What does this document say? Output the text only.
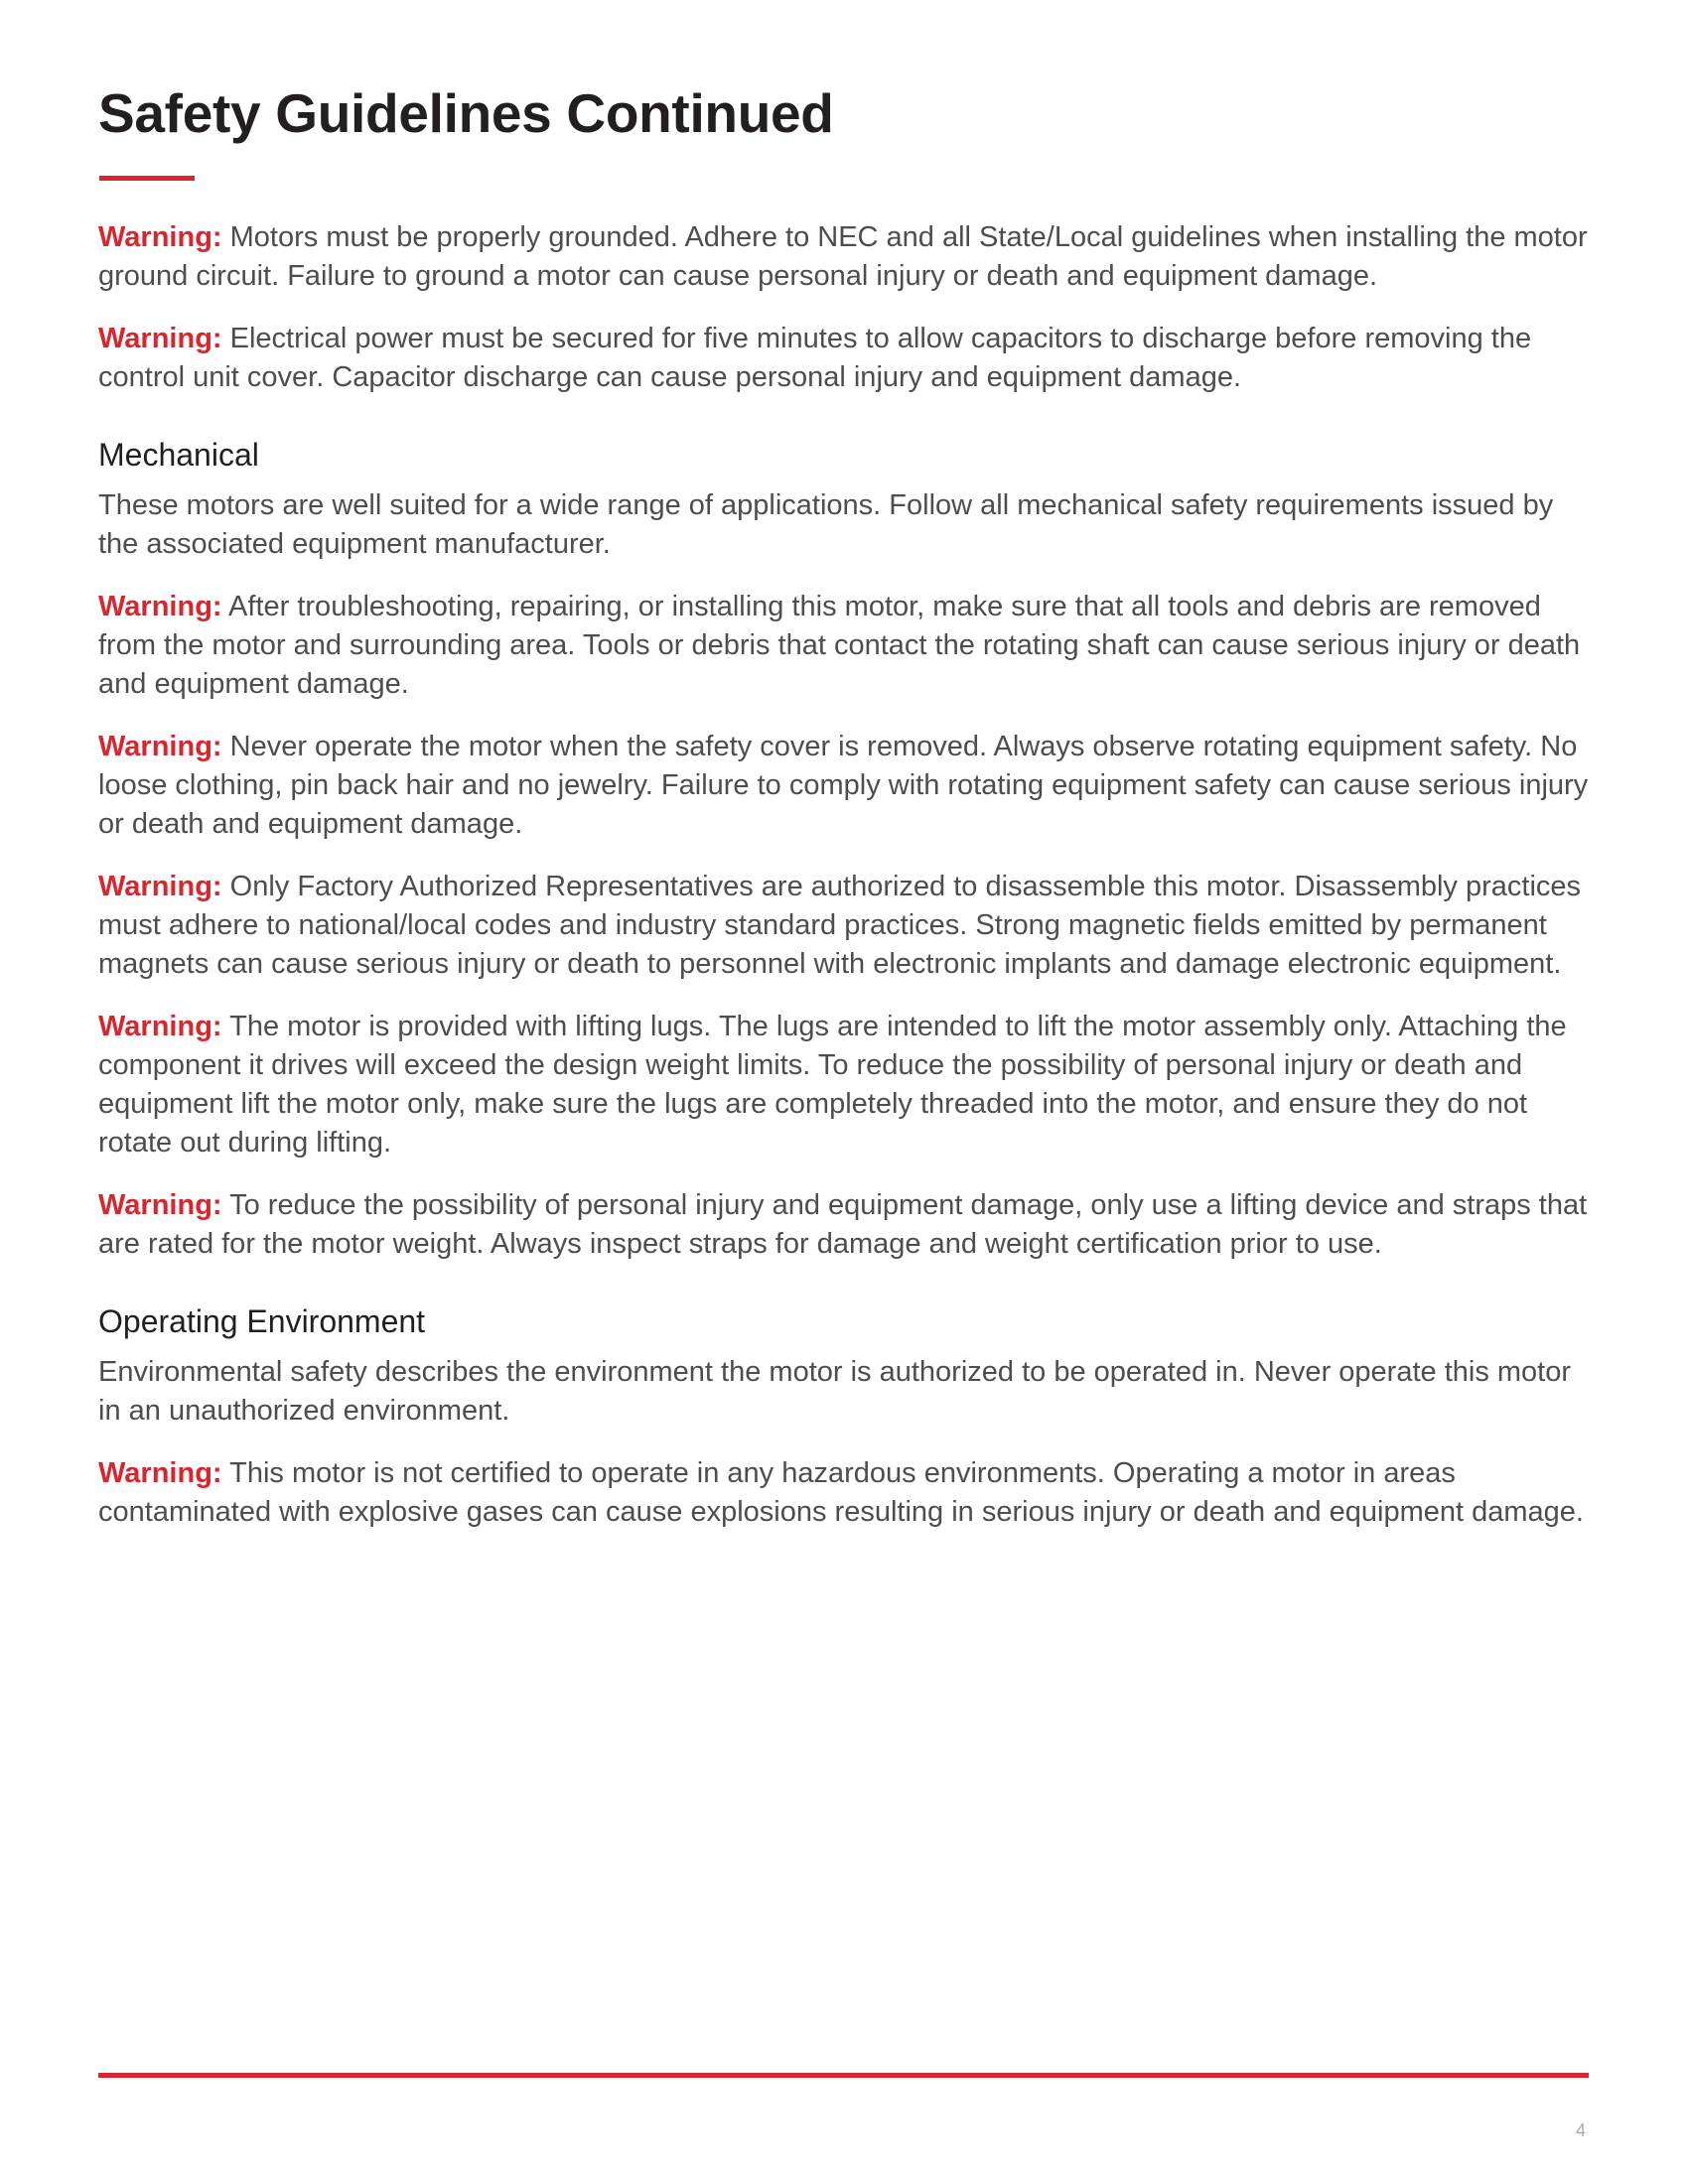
Safety Guidelines Continued

Warning: Motors must be properly grounded. Adhere to NEC and all State/Local guidelines when installing the motor ground circuit. Failure to ground a motor can cause personal injury or death and equipment damage.

Warning: Electrical power must be secured for five minutes to allow capacitors to discharge before removing the control unit cover. Capacitor discharge can cause personal injury and equipment damage.

Mechanical

These motors are well suited for a wide range of applications. Follow all mechanical safety requirements issued by the associated equipment manufacturer.

Warning: After troubleshooting, repairing, or installing this motor, make sure that all tools and debris are removed from the motor and surrounding area. Tools or debris that contact the rotating shaft can cause serious injury or death and equipment damage.

Warning: Never operate the motor when the safety cover is removed. Always observe rotating equipment safety. No loose clothing, pin back hair and no jewelry. Failure to comply with rotating equipment safety can cause serious injury or death and equipment damage.

Warning: Only Factory Authorized Representatives are authorized to disassemble this motor. Disassembly practices must adhere to national/local codes and industry standard practices. Strong magnetic fields emitted by permanent magnets can cause serious injury or death to personnel with electronic implants and damage electronic equipment.

Warning: The motor is provided with lifting lugs. The lugs are intended to lift the motor assembly only. Attaching the component it drives will exceed the design weight limits. To reduce the possibility of personal injury or death and equipment lift the motor only, make sure the lugs are completely threaded into the motor, and ensure they do not rotate out during lifting.

Warning: To reduce the possibility of personal injury and equipment damage, only use a lifting device and straps that are rated for the motor weight. Always inspect straps for damage and weight certification prior to use.

Operating Environment

Environmental safety describes the environment the motor is authorized to be operated in. Never operate this motor in an unauthorized environment.

Warning: This motor is not certified to operate in any hazardous environments. Operating a motor in areas contaminated with explosive gases can cause explosions resulting in serious injury or death and equipment damage.

4
